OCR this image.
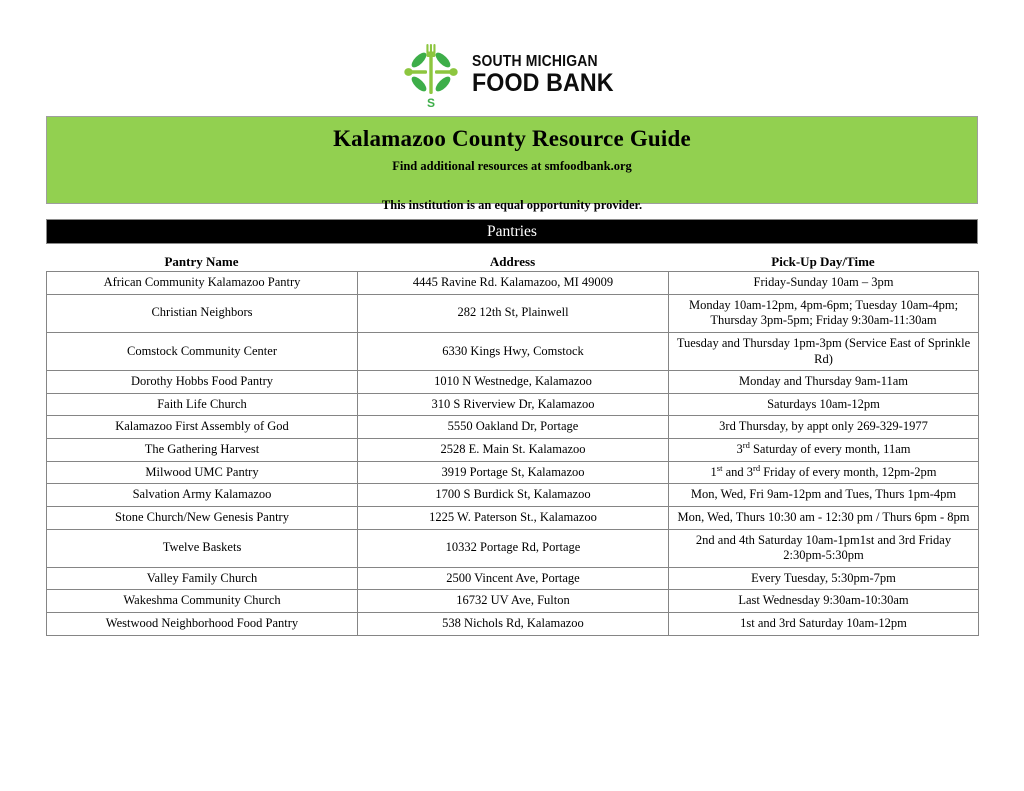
S
SOUTH MICHIGAN
FOOD BANK
Kalamazoo County Resource Guide
Find additional resources at smfoodbank.org
This institution is an equal opportunity provider.
Pantries
Pantry Name	Address	Pick-Up Day/Time
African Community Kalamazoo Pantry	4445 Ravine Rd. Kalamazoo, MI 49009	Friday-Sunday 10am – 3pm
Christian Neighbors	282 12th St, Plainwell	Monday 10am-12pm, 4pm-6pm; Tuesday 10am-4pm; Thursday 3pm-5pm; Friday 9:30am-11:30am
Comstock Community Center	6330 Kings Hwy, Comstock	Tuesday and Thursday 1pm-3pm (Service East of Sprinkle Rd)
Dorothy Hobbs Food Pantry	1010 N Westnedge, Kalamazoo	Monday and Thursday 9am-11am
Faith Life Church	310 S Riverview Dr, Kalamazoo	Saturdays 10am-12pm
Kalamazoo First Assembly of God	5550 Oakland Dr, Portage	3rd Thursday, by appt only 269-329-1977
The Gathering Harvest	2528 E. Main St. Kalamazoo	3rd Saturday of every month, 11am
Milwood UMC Pantry	3919 Portage St, Kalamazoo	1st and 3rd Friday of every month, 12pm-2pm
Salvation Army Kalamazoo	1700 S Burdick St, Kalamazoo	Mon, Wed, Fri 9am-12pm and Tues, Thurs 1pm-4pm
Stone Church/New Genesis Pantry	1225 W. Paterson St., Kalamazoo	Mon, Wed, Thurs 10:30 am - 12:30 pm / Thurs 6pm - 8pm
Twelve Baskets	10332 Portage Rd, Portage	2nd and 4th Saturday 10am-1pm1st and 3rd Friday 2:30pm-5:30pm
Valley Family Church	2500 Vincent Ave, Portage	Every Tuesday, 5:30pm-7pm
Wakeshma Community Church	16732 UV Ave, Fulton	Last Wednesday 9:30am-10:30am
Westwood Neighborhood Food Pantry	538 Nichols Rd, Kalamazoo	1st and 3rd Saturday 10am-12pm
